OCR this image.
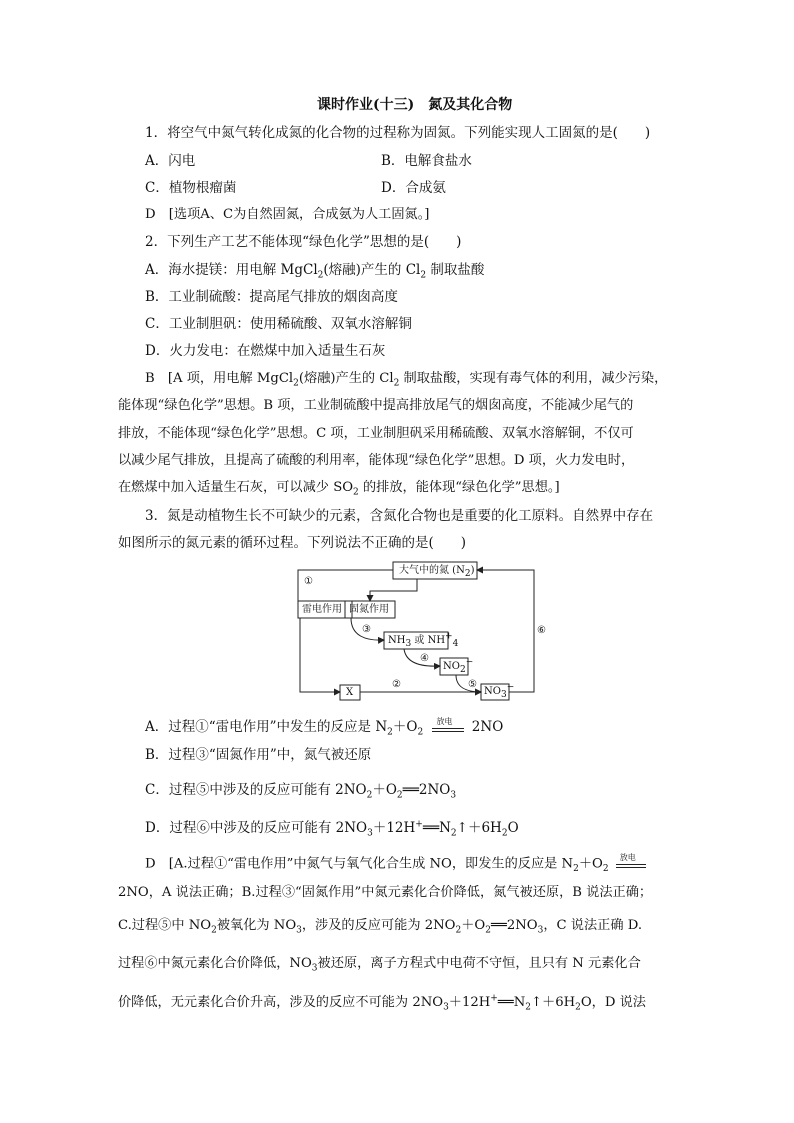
课时作业(十三)　氮及其化合物
1．将空气中氮气转化成氮的化合物的过程称为固氮。下列能实现人工固氮的是(　　)
A．闪电	B．电解食盐水
C．植物根瘤菌	D．合成氨
D　[选项A、C为自然固氮，合成氨为人工固氮。]
2．下列生产工艺不能体现“绿色化学”思想的是(　　)
A．海水提镁：用电解 MgCl$_2$(熔融)产生的 $Cl_2$ 制取盐酸
B．工业制硫酸：提高尾气排放的烟囱高度
C．工业制胆矾：使用稀硫酸、双氧水溶解铜
D．火力发电：在燃煤中加入适量生石灰
B　[A 项，用电解 MgCl$_2$(熔融)产生的 $Cl_2$ 制取盐酸，实现有毒气体的利用，减少污染，
能体现“绿色化学”思想。B 项，工业制硫酸中提高排放尾气的烟囱高度，不能减少尾气的
排放，不能体现“绿色化学”思想。C 项，工业制胆矾采用稀硫酸、双氧水溶解铜，不仅可
以减少尾气排放，且提高了硫酸的利用率，能体现“绿色化学”思想。D 项，火力发电时，
在燃煤中加入适量生石灰，可以减少 $SO_2$ 的排放，能体现“绿色化学”思想。]
3．氮是动植物生长不可缺少的元素，含氮化合物也是重要的化工原料。自然界中存在
如图所示的氮元素的循环过程。下列说法不正确的是(　　)
大气中的氮 $(N_2)$
雷电作用 固氮作用
$NH_3$ 或 $NH^+_4$
$NO_2^-$
$NO_3^-$
X
①
②
③
④
⑤
⑥
A．过程①“雷电作用”中发生的反应是 $N_2+O_2$
放电 2NO
B．过程③“固氮作用”中，氮气被还原
C．过程⑤中涉及的反应可能有 $2NO_2+O_2══2NO_3$
D．过程⑥中涉及的反应可能有 $2NO_3+12H^+══N_2↑+6H_2O$
D　[A.过程①“雷电作用”中氮气与氧气化合生成 NO，即发生的反应是 $N_2+O_2$
放电
2NO，A 说法正确；B.过程③“固氮作用”中氮元素化合价降低，氮气被还原，B 说法正确；
C.过程⑤中 $NO_2$被氧化为 $NO_3$，涉及的反应可能为 $2NO_2+O_2══2NO_3$，C 说法正确 D.
过程⑥中氮元素化合价降低，$NO_3$被还原，离子方程式中电荷不守恒，且只有 N 元素化合
价降低，无元素化合价升高，涉及的反应不可能为 $2NO_3+12H^+══N_2↑+6H_2O$，D 说法
